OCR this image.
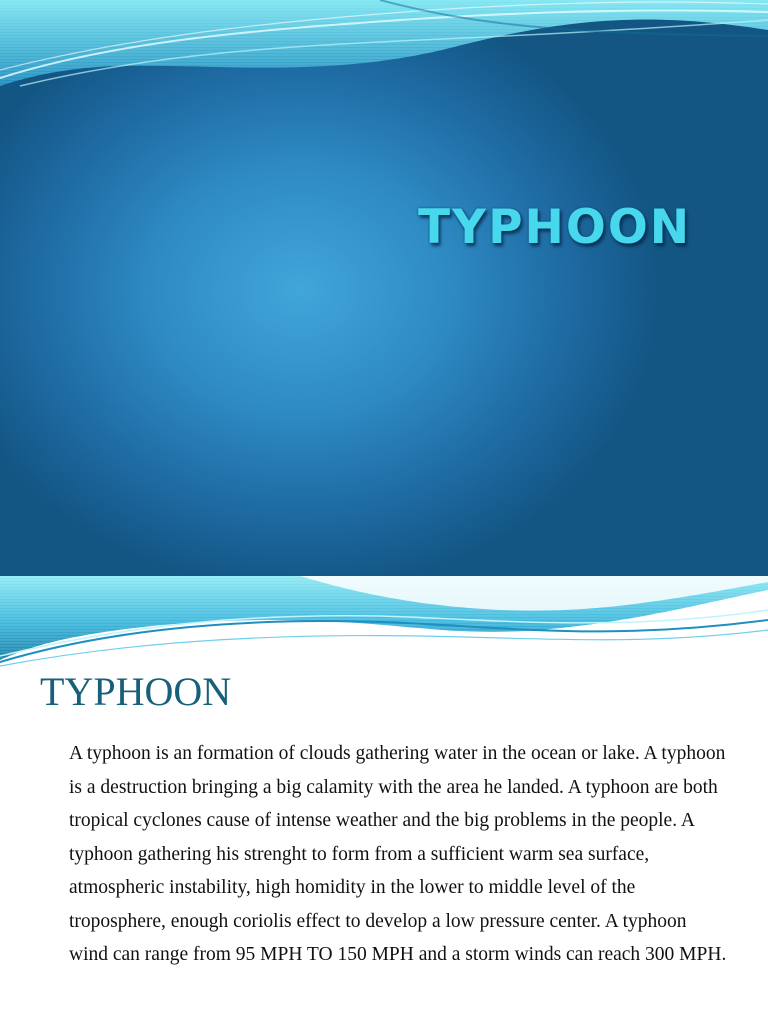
TYPHOON
TYPHOON

A typhoon is an formation of clouds gathering water in the ocean or lake. A typhoon is a destruction bringing a big calamity with the area he landed. A typhoon are both tropical cyclones cause of intense weather and the big problems in the people. A typhoon gathering his strenght to form from a sufficient warm sea surface, atmospheric instability, high homidity in the lower to middle level of the troposphere, enough coriolis effect to develop a low pressure center. A typhoon wind can range from 95 MPH TO 150 MPH and a storm winds can reach 300 MPH.
